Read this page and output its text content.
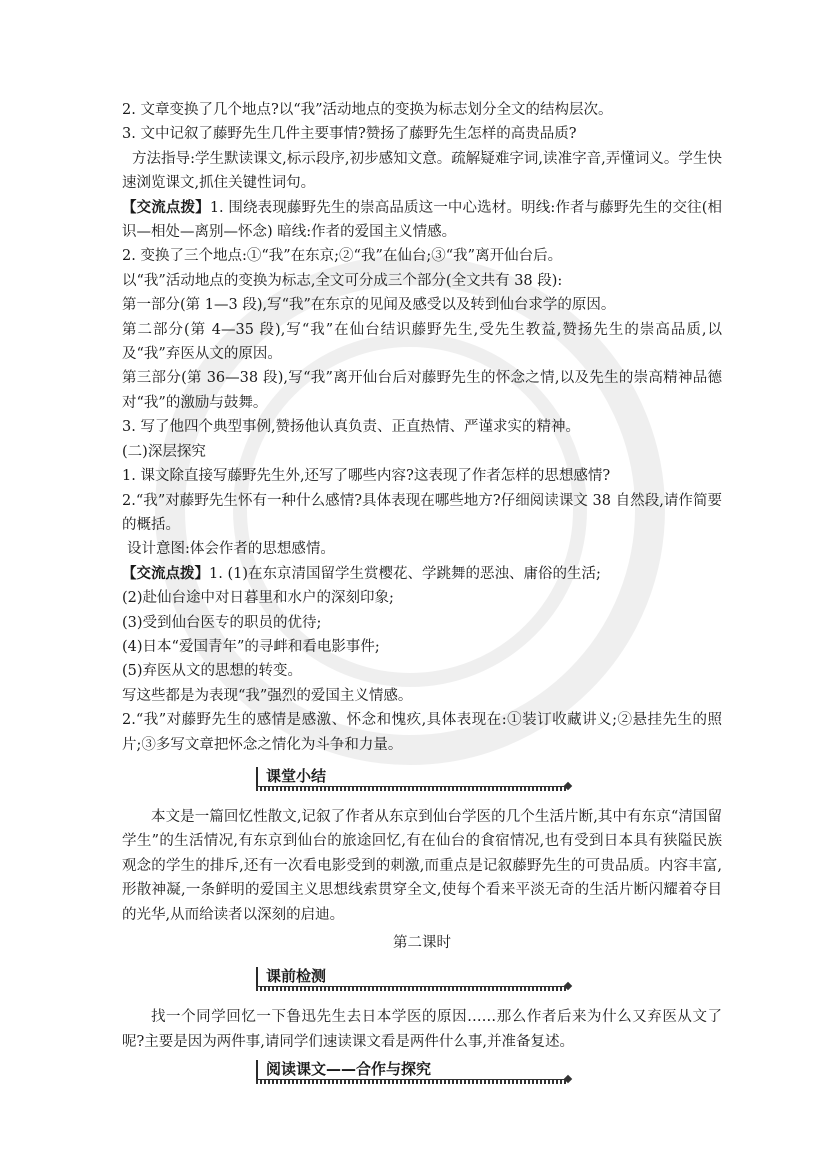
2. 文章变换了几个地点?以“我”活动地点的变换为标志划分全文的结构层次。

3. 文中记叙了藤野先生几件主要事情?赞扬了藤野先生怎样的高贵品质?

方法指导:学生默读课文,标示段序,初步感知文意。疏解疑难字词,读准字音,弄懂词义。学生快速浏览课文,抓住关键性词句。

【交流点拨】1. 围绕表现藤野先生的崇高品质这一中心选材。明线:作者与藤野先生的交往(相识—相处—离别—怀念) 暗线:作者的爱国主义情感。

2. 变换了三个地点:①“我”在东京;②“我”在仙台;③“我”离开仙台后。

以“我”活动地点的变换为标志,全文可分成三个部分(全文共有 38 段):

第一部分(第 1—3 段),写“我”在东京的见闻及感受以及转到仙台求学的原因。

第二部分(第 4—35 段),写“我”在仙台结识藤野先生,受先生教益,赞扬先生的崇高品质,以及“我”弃医从文的原因。

第三部分(第 36—38 段),写“我”离开仙台后对藤野先生的怀念之情,以及先生的崇高精神品德对“我”的激励与鼓舞。

3. 写了他四个典型事例,赞扬他认真负责、正直热情、严谨求实的精神。

(二)深层探究

1. 课文除直接写藤野先生外,还写了哪些内容?这表现了作者怎样的思想感情?

2.“我”对藤野先生怀有一种什么感情?具体表现在哪些地方?仔细阅读课文 38 自然段,请作简要的概括。

设计意图:体会作者的思想感情。

【交流点拨】1. (1)在东京清国留学生赏樱花、学跳舞的恶浊、庸俗的生活;

(2)赴仙台途中对日暮里和水户的深刻印象;

(3)受到仙台医专的职员的优待;

(4)日本“爱国青年”的寻衅和看电影事件;

(5)弃医从文的思想的转变。

写这些都是为表现“我”强烈的爱国主义情感。

2.“我”对藤野先生的感情是感激、怀念和愧疚,具体表现在:①装订收藏讲义;②悬挂先生的照片;③多写文章把怀念之情化为斗争和力量。

课堂小结

本文是一篇回忆性散文,记叙了作者从东京到仙台学医的几个生活片断,其中有东京“清国留学生”的生活情况,有东京到仙台的旅途回忆,有在仙台的食宿情况,也有受到日本具有狭隘民族观念的学生的排斥,还有一次看电影受到的刺激,而重点是记叙藤野先生的可贵品质。内容丰富,形散神凝,一条鲜明的爱国主义思想线索贯穿全文,使每个看来平淡无奇的生活片断闪耀着夺目的光华,从而给读者以深刻的启迪。

第二课时

课前检测

找一个同学回忆一下鲁迅先生去日本学医的原因……那么作者后来为什么又弃医从文了呢?主要是因为两件事,请同学们速读课文看是两件什么事,并准备复述。

阅读课文——合作与探究
